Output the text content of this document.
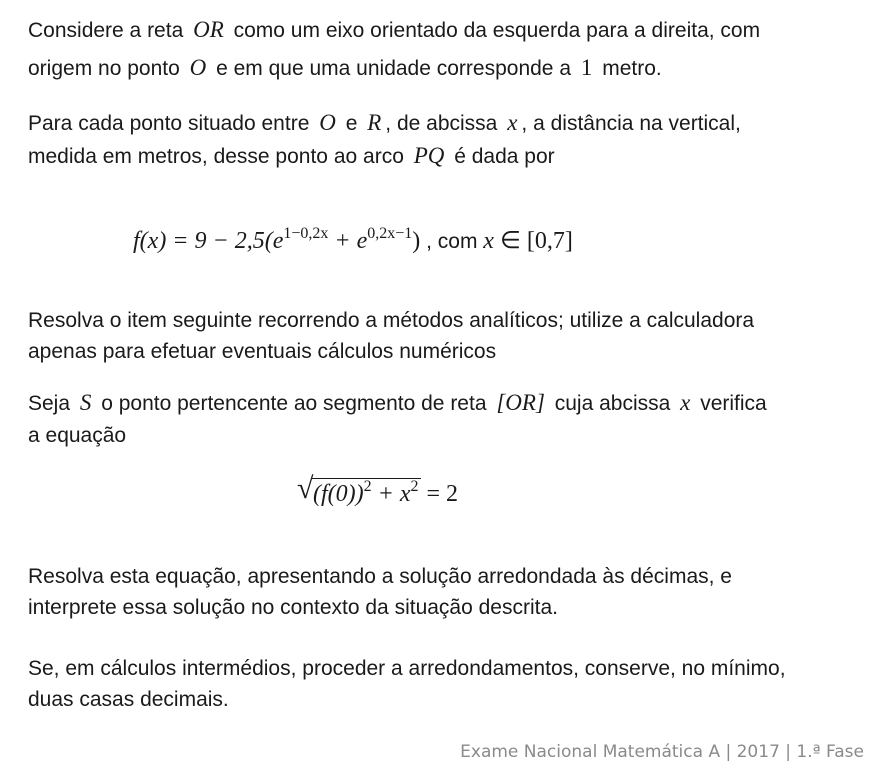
Considere a reta OR como um eixo orientado da esquerda para a direita, com
origem no ponto O e em que uma unidade corresponde a 1 metro.
Para cada ponto situado entre O e R , de abcissa x , a distância na vertical,
medida em metros, desse ponto ao arco PQ é dada por
$f(x) = 9 - 2,5(e^{1-0,2x} + e^{0,2x-1})$ , com x ∈ [0,7]
Resolva o item seguinte recorrendo a métodos analíticos; utilize a calculadora
apenas para efetuar eventuais cálculos numéricos
Seja S o ponto pertencente ao segmento de reta [OR] cuja abcissa x verifica
a equação
√ $(f(0))^2 + x^2 = 2$
Resolva esta equação, apresentando a solução arredondada às décimas, e
interprete essa solução no contexto da situação descrita.
Se, em cálculos intermédios, proceder a arredondamentos, conserve, no mínimo,
duas casas decimais.
Exame Nacional Matemática A | 2017 | 1.ª Fase
